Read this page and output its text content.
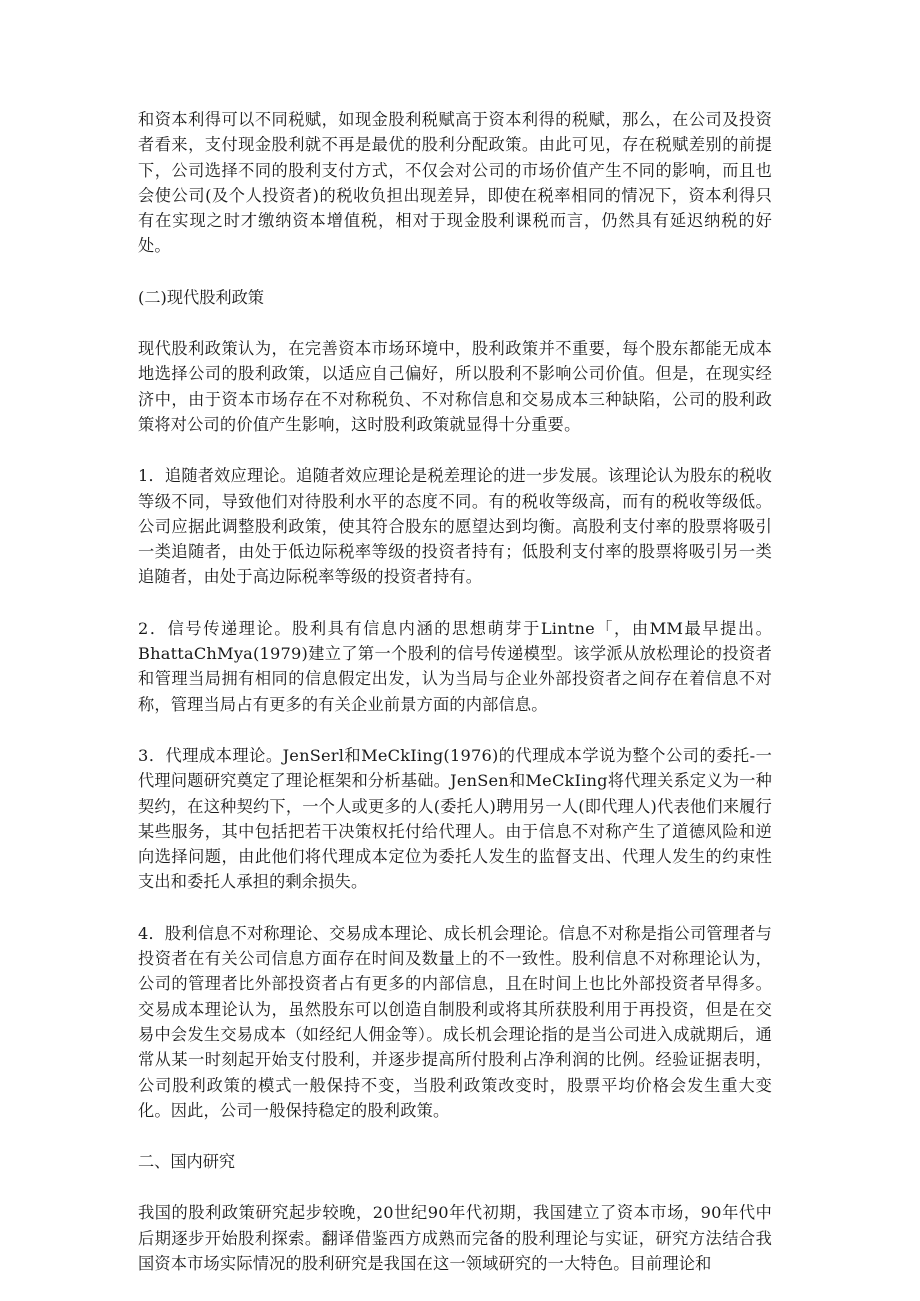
和资本利得可以不同税赋，如现金股利税赋高于资本利得的税赋，那么，在公司及投资者看来，支付现金股利就不再是最优的股利分配政策。由此可见，存在税赋差别的前提下，公司选择不同的股利支付方式，不仅会对公司的市场价值产生不同的影响，而且也会使公司(及个人投资者)的税收负担出现差异，即使在税率相同的情况下，资本利得只有在实现之时才缴纳资本增值税，相对于现金股利课税而言，仍然具有延迟纳税的好处。

(二)现代股利政策

现代股利政策认为，在完善资本市场环境中，股利政策并不重要，每个股东都能无成本地选择公司的股利政策，以适应自己偏好，所以股利不影响公司价值。但是，在现实经济中，由于资本市场存在不对称税负、不对称信息和交易成本三种缺陷，公司的股利政策将对公司的价值产生影响，这时股利政策就显得十分重要。

1．追随者效应理论。追随者效应理论是税差理论的进一步发展。该理论认为股东的税收等级不同，导致他们对待股利水平的态度不同。有的税收等级高，而有的税收等级低。公司应据此调整股利政策，使其符合股东的愿望达到均衡。高股利支付率的股票将吸引一类追随者，由处于低边际税率等级的投资者持有；低股利支付率的股票将吸引另一类追随者，由处于高边际税率等级的投资者持有。

2．信号传递理论。股利具有信息内涵的思想萌芽于Lintne「，由MM最早提出。BhattaChMya(1979)建立了第一个股利的信号传递模型。该学派从放松理论的投资者和管理当局拥有相同的信息假定出发，认为当局与企业外部投资者之间存在着信息不对称，管理当局占有更多的有关企业前景方面的内部信息。

3．代理成本理论。JenSerl和MeCkIing(1976)的代理成本学说为整个公司的委托-一代理问题研究奠定了理论框架和分析基础。JenSen和MeCkIing将代理关系定义为一种契约，在这种契约下，一个人或更多的人(委托人)聘用另一人(即代理人)代表他们来履行某些服务，其中包括把若干决策权托付给代理人。由于信息不对称产生了道德风险和逆向选择问题，由此他们将代理成本定位为委托人发生的监督支出、代理人发生的约束性支出和委托人承担的剩余损失。

4．股利信息不对称理论、交易成本理论、成长机会理论。信息不对称是指公司管理者与投资者在有关公司信息方面存在时间及数量上的不一致性。股利信息不对称理论认为，公司的管理者比外部投资者占有更多的内部信息，且在时间上也比外部投资者早得多。交易成本理论认为，虽然股东可以创造自制股利或将其所获股利用于再投资，但是在交易中会发生交易成本（如经纪人佣金等）。成长机会理论指的是当公司进入成就期后，通常从某一时刻起开始支付股利，并逐步提高所付股利占净利润的比例。经验证据表明，公司股利政策的模式一般保持不变，当股利政策改变时，股票平均价格会发生重大变化。因此，公司一般保持稳定的股利政策。

二、国内研究

我国的股利政策研究起步较晚，20世纪90年代初期，我国建立了资本市场，90年代中后期逐步开始股利探索。翻译借鉴西方成熟而完备的股利理论与实证，研究方法结合我国资本市场实际情况的股利研究是我国在这一领域研究的一大特色。目前理论和
